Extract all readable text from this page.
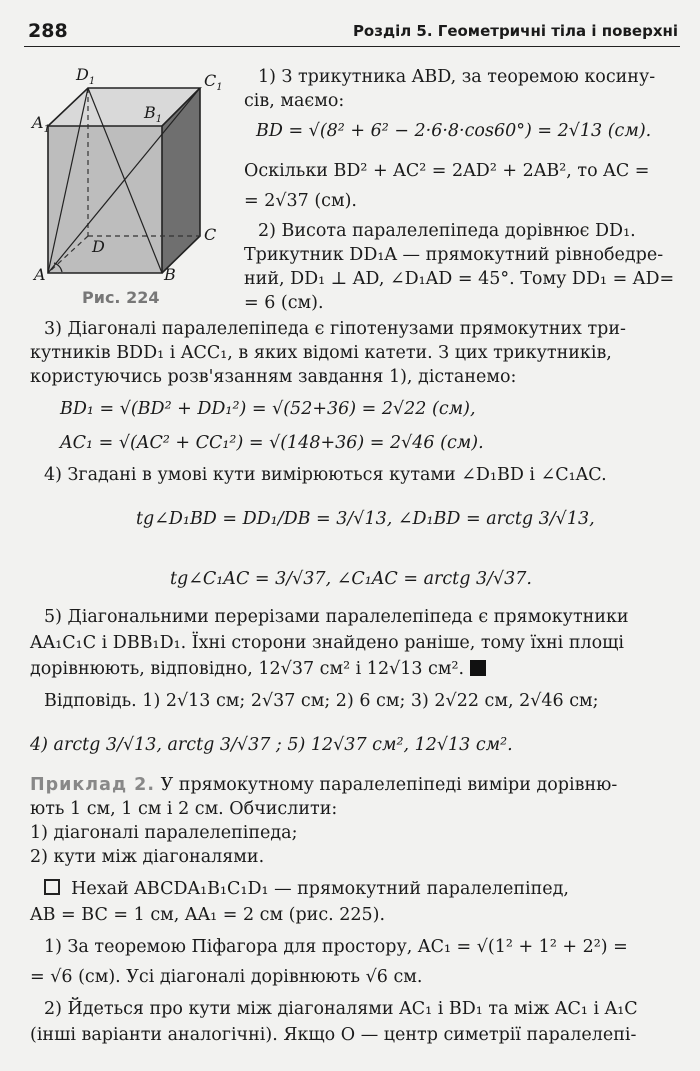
288	Розділ 5. Геометричні тіла і поверхні
$D_1$	$C_1$
$A_1$
$B_1$
D
C
A	B
Рис. 224
1) З трикутника ABD, за теоремою косину-
сів, маємо:
BD = √(8² + 6² − 2·6·8·cos60°) = 2√13 (см).
Оскільки BD² + AC² = 2AD² + 2AB², то AC =
= 2√37 (см).
2) Висота паралелепіпеда дорівнює DD₁.
Трикутник DD₁A — прямокутний рівнобедре-
ний, DD₁ ⊥ AD, ∠D₁AD = 45°. Тому DD₁ = AD=
= 6 (см).
3) Діагоналі паралелепіпеда є гіпотенузами прямокутних три-
кутників BDD₁ і ACC₁, в яких відомі катети. З цих трикутників,
користуючись розв'язанням завдання 1), дістанемо:
BD₁ = √(BD² + DD₁²) = √(52+36) = 2√22 (см),
AC₁ = √(AC² + CC₁²) = √(148+36) = 2√46 (см).
4) Згадані в умові кути вимірюються кутами ∠D₁BD і ∠C₁AC.
tg∠D₁BD = DD₁/DB = 3/√13, ∠D₁BD = arctg 3/√13,
tg∠C₁AC = 3/√37, ∠C₁AC = arctg 3/√37.
5) Діагональними перерізами паралелепіпеда є прямокутники
AA₁C₁C і DBB₁D₁. Їхні сторони знайдено раніше, тому їхні площі
дорівнюють, відповідно, 12√37 см² і 12√13 см².
Відповідь. 1) 2√13 см; 2√37 см; 2) 6 см; 3) 2√22 см, 2√46 см;
4) arctg 3/√13, arctg 3/√37 ; 5) 12√37 см², 12√13 см².
Приклад 2. У прямокутному паралелепіпеді виміри дорівню-
ють 1 см, 1 см і 2 см. Обчислити:
1) діагоналі паралелепіпеда;
2) кути між діагоналями.
Нехай ABCDA₁B₁C₁D₁ — прямокутний паралелепіпед,
AB = BC = 1 см, AA₁ = 2 см (рис. 225).
1) За теоремою Піфагора для простору, AC₁ = √(1² + 1² + 2²) =
= √6 (см). Усі діагоналі дорівнюють √6 см.
2) Йдеться про кути між діагоналями AC₁ і BD₁ та між AC₁ і A₁C
(інші варіанти аналогічні). Якщо O — центр симетрії паралелепі-
